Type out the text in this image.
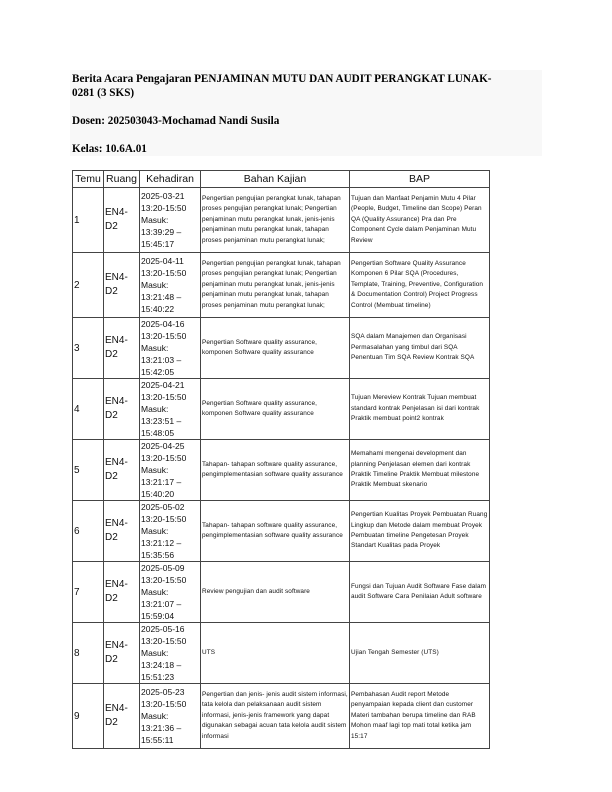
Berita Acara Pengajaran PENJAMINAN MUTU DAN AUDIT PERANGKAT LUNAK-
0281 (3 SKS)
Dosen: 202503043-Mochamad Nandi Susila
Kelas: 10.6A.01
Temu	Ruang	Kehadiran	Bahan Kajian	BAP
1	EN4-D2	2025-03-21 13:20-15:50 Masuk: 13:39:29 – 15:45:17	Pengertian pengujian perangkat lunak, tahapan proses pengujian perangkat lunak; Pengertian penjaminan mutu perangkat lunak, jenis-jenis penjaminan mutu perangkat lunak, tahapan proses penjaminan mutu perangkat lunak;	Tujuan dan Manfaat Penjamin Mutu 4 Pilar (People, Budget, Timeline dan Scope) Peran QA (Quality Assurance) Pra dan Pre Component Cycle dalam Penjaminan Mutu Review
2	EN4-D2	2025-04-11 13:20-15:50 Masuk: 13:21:48 – 15:40:22	Pengertian pengujian perangkat lunak, tahapan proses pengujian perangkat lunak; Pengertian penjaminan mutu perangkat lunak, jenis-jenis penjaminan mutu perangkat lunak, tahapan proses penjaminan mutu perangkat lunak;	Pengertian Software Quality Assurance Komponen 6 Pilar SQA (Procedures, Template, Training, Preventive, Configuration & Documentation Control) Project Progress Control (Membuat timeline)
3	EN4-D2	2025-04-16 13:20-15:50 Masuk: 13:21:03 – 15:42:05	Pengertian Software quality assurance, komponen Software quality assurance	SQA dalam Manajemen dan Organisasi Permasalahan yang timbul dari SQA Penentuan Tim SQA Review Kontrak SQA
4	EN4-D2	2025-04-21 13:20-15:50 Masuk: 13:23:51 – 15:48:05	Pengertian Software quality assurance, komponen Software quality assurance	Tujuan Mereview Kontrak Tujuan membuat standard kontrak Penjelasan isi dari kontrak Praktik membuat point2 kontrak
5	EN4-D2	2025-04-25 13:20-15:50 Masuk: 13:21:17 – 15:40:20	Tahapan- tahapan software quality assurance, pengimplementasian software quality assurance	Memahami mengenai development dan planning Penjelasan elemen dari kontrak Praktik Timeline Praktik Membuat milestone Praktik Membuat skenario
6	EN4-D2	2025-05-02 13:20-15:50 Masuk: 13:21:12 – 15:35:56	Tahapan- tahapan software quality assurance, pengimplementasian software quality assurance	Pengertian Kualitas Proyek Pembuatan Ruang Lingkup dan Metode dalam membuat Proyek Pembuatan timeline Pengetesan Proyek Standart Kualitas pada Proyek
7	EN4-D2	2025-05-09 13:20-15:50 Masuk: 13:21:07 – 15:59:04	Review pengujian dan audit software	Fungsi dan Tujuan Audit Software Fase dalam audit Software Cara Penilaian Adult software
8	EN4-D2	2025-05-16 13:20-15:50 Masuk: 13:24:18 – 15:51:23	UTS	Ujian Tengah Semester (UTS)
9	EN4-D2	2025-05-23 13:20-15:50 Masuk: 13:21:36 – 15:55:11	Pengertian dan jenis- jenis audit sistem informasi, tata kelola dan pelaksanaan audit sistem informasi, jenis-jenis framework yang dapat digunakan sebagai acuan tata kelola audit sistem informasi	Pembahasan Audit report Metode penyampaian kepada client dan customer Materi tambahan berupa timeline dan RAB Mohon maaf lagi top mati total ketika jam 15:17
